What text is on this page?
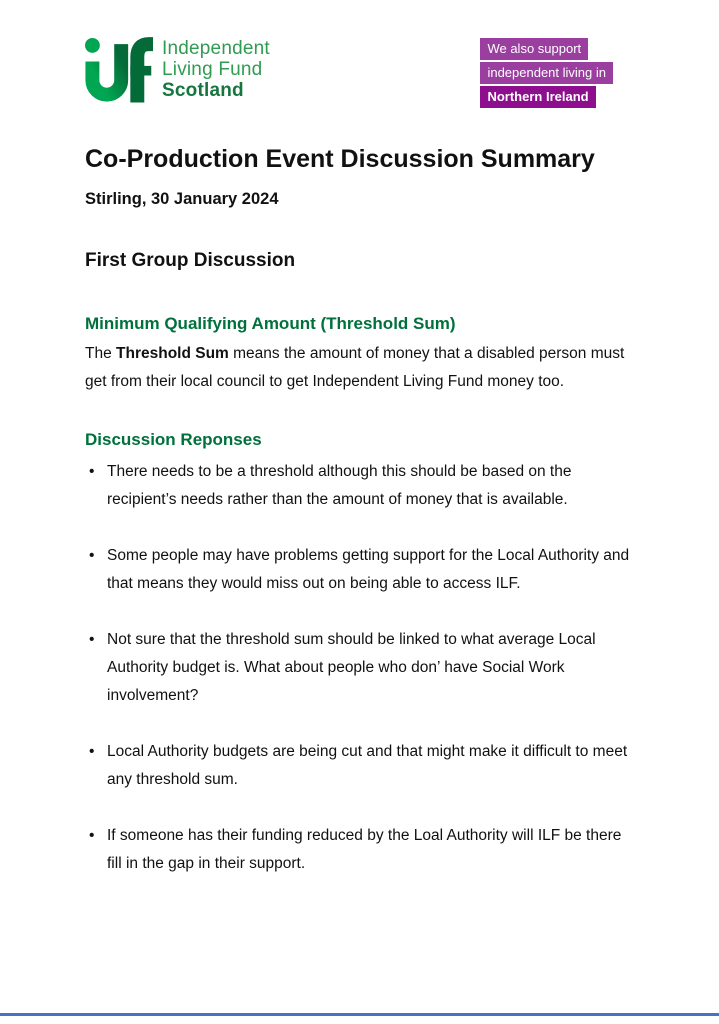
Independent
Living Fund
Scotland
We also support
independent living in
Northern Ireland
Co-Production Event Discussion Summary

Stirling, 30 January 2024

First Group Discussion
Minimum Qualifying Amount (Threshold Sum)

The Threshold Sum means the amount of money that a disabled person must get from their local council to get Independent Living Fund money too.

Discussion Reponses
• There needs to be a threshold although this should be based on the recipient’s needs rather than the amount of money that is available.
• Some people may have problems getting support for the Local Authority and that means they would miss out on being able to access ILF.
• Not sure that the threshold sum should be linked to what average Local Authority budget is. What about people who don’ have Social Work involvement?
• Local Authority budgets are being cut and that might make it difficult to meet any threshold sum.
• If someone has their funding reduced by the Loal Authority will ILF be there fill in the gap in their support.
